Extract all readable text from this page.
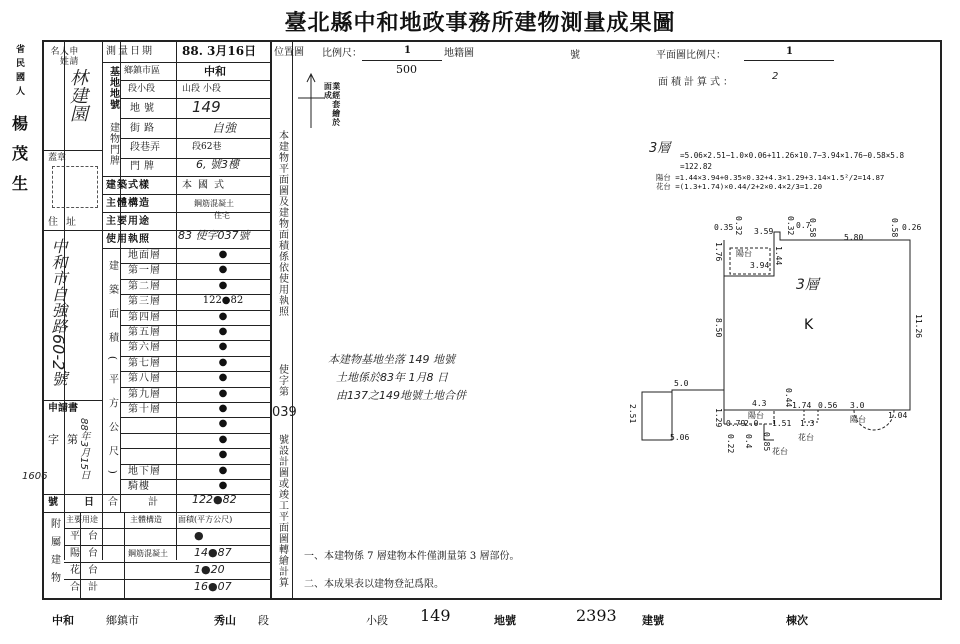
臺北縣中和地政事務所建物測量成果圖
省
民
國
人
楊
茂
生
申請人姓名
林建園
蓋章
測量日期 88. 3月16日
基地地號
建物門牌
鄉鎮市區	中和
段小段	山段 小段
地號 149
街路	自強
段巷弄	段62巷
門牌	6, 號3樓
建築式樣	本國式
主體構造	鋼筋混凝土
主要用途
住宅
住址
使用執照	83 使字037號
中和市自強路60-2號	建築面積(平方公尺)
地面層	●
第一層	●
第二層	●
第三層	122●82
第四層	●
第五層	●
第六層	●
第七層	●
第八層	●
第九層	●
第十層	●
●
●
●
地下層	●
騎樓	●
申請書
字第
88年3月15日
1606
號	日 合計 122●82
附屬建物 主要用途	主體構造 面積(平方公尺)
平台	●
陽台	鋼筋混凝土 14●87
花台	1●20
合計	16●07
本建物平面圖及建物面積係依使用執照
使字第
039
號設計圖或竣工平面圖轉繪計算
位置圖 比例尺：	1
500
地籍圖	號
業經套繪於面成
平面圖比例尺：	1
面積計算式：
2
3層 =5.06×2.51−1.0×0.06+11.26×10.7−3.94×1.76−0.58×5.8
=122.82
陽台 =1.44×3.94+0.35×0.32+4.3×1.29+3.14×1.5²/2=14.87
花台 =(1.3+1.74)×0.44/2+2×0.4×2/3=1.20
3層
K
陽台
陽台	陽台
花台
花台
0.35 0.32 3.59 0.32 0.58
0.7
5.80
0.58 0.26
1.76	1.44
3.94
8.50	11.26
5.0
2.51
5.06
1.29
4.3
0.79
2.0 1.51
0.44 1.74 0.56 3.0
1.3
1.04
0.22 0.4 0.85
本建物基地坐落 149 地號
土地係於83年 1月8 日
由137之149地號土地合併
一、本建物係 7 層建物本件僅測量第 3 層部份。
二、本成果表以建物登記爲限。
中和	鄉鎮市	秀山 段	小段 149	地號	2393 建號	棟次
